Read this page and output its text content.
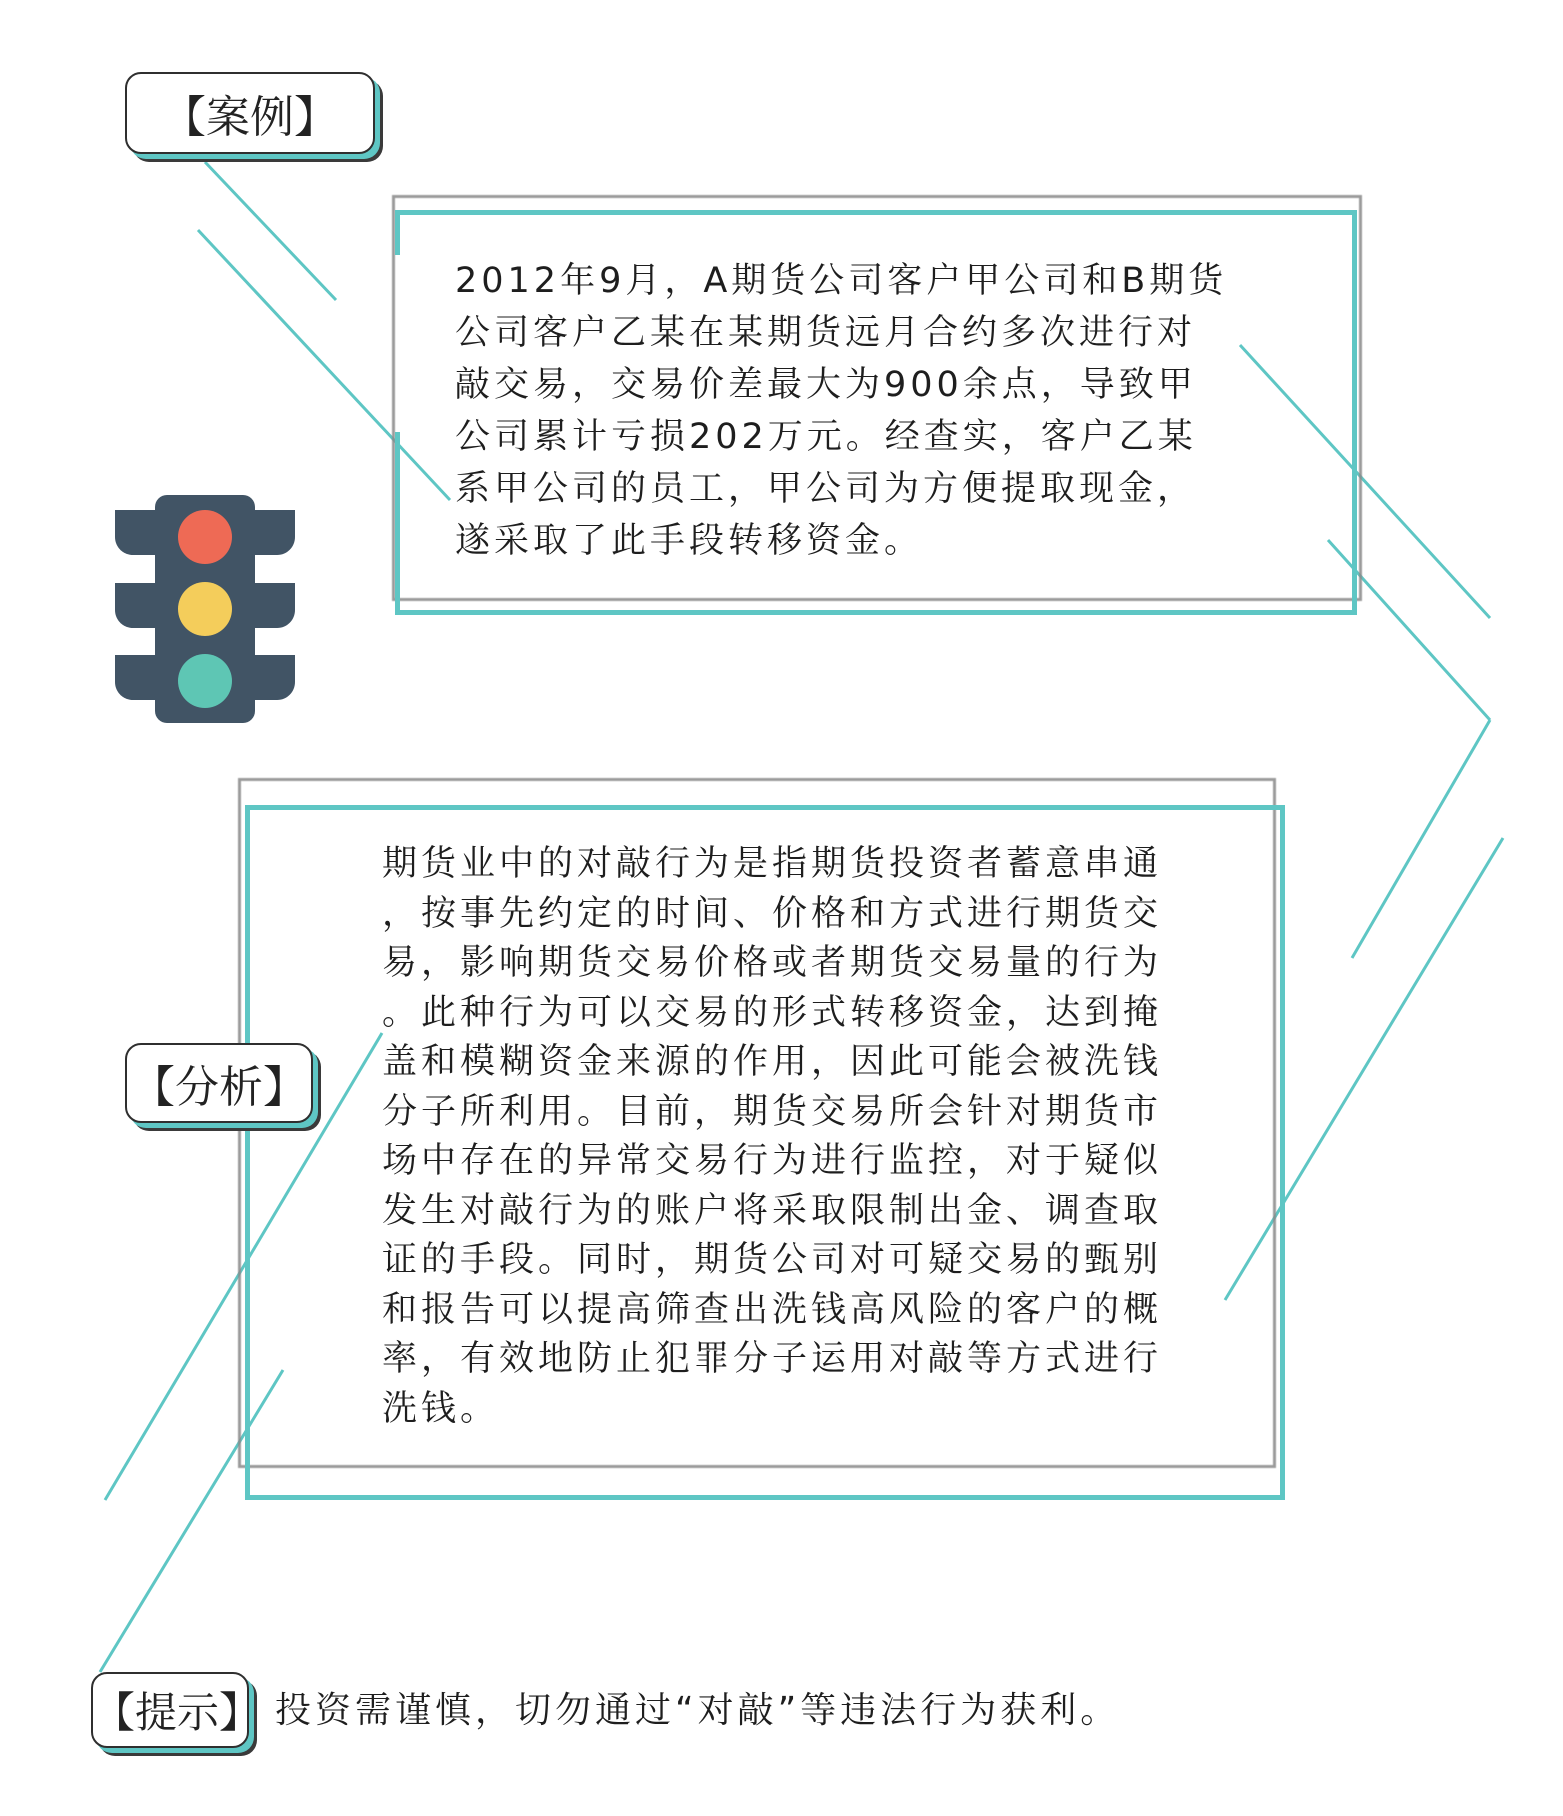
【案例】
【分析】
【提示】
2012年9月，A期货公司客户甲公司和B期货
公司客户乙某在某期货远月合约多次进行对
敲交易，交易价差最大为900余点，导致甲
公司累计亏损202万元。经查实，客户乙某
系甲公司的员工，甲公司为方便提取现金，
遂采取了此手段转移资金。
期货业中的对敲行为是指期货投资者蓄意串通
，按事先约定的时间、价格和方式进行期货交
易，影响期货交易价格或者期货交易量的行为
。此种行为可以交易的形式转移资金，达到掩
盖和模糊资金来源的作用，因此可能会被洗钱
分子所利用。目前，期货交易所会针对期货市
场中存在的异常交易行为进行监控，对于疑似
发生对敲行为的账户将采取限制出金、调查取
证的手段。同时，期货公司对可疑交易的甄别
和报告可以提高筛查出洗钱高风险的客户的概
率，有效地防止犯罪分子运用对敲等方式进行
洗钱。
投资需谨慎，切勿通过“对敲”等违法行为获利。
